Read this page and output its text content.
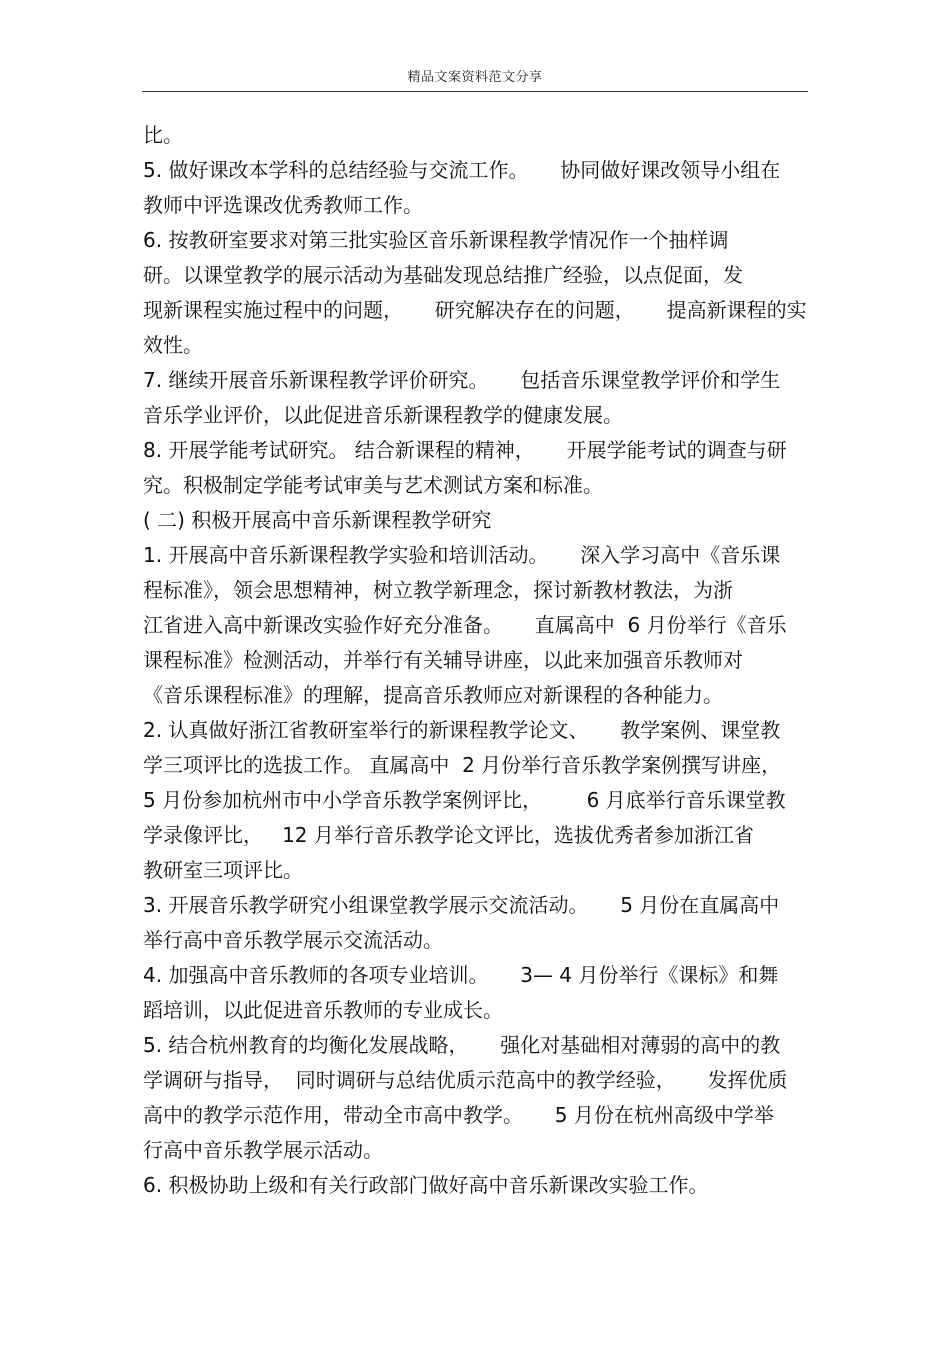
精品文案资料范文分享
比。
5. 做好课改本学科的总结经验与交流工作。     协同做好课改领导小组在
教师中评选课改优秀教师工作。
6. 按教研室要求对第三批实验区音乐新课程教学情况作一个抽样调
研。以课堂教学的展示活动为基础发现总结推广经验，以点促面，发
现新课程实施过程中的问题，     研究解决存在的问题，     提高新课程的实
效性。
7. 继续开展音乐新课程教学评价研究。     包括音乐课堂教学评价和学生
音乐学业评价，以此促进音乐新课程教学的健康发展。
8. 开展学能考试研究。 结合新课程的精神，     开展学能考试的调查与研
究。积极制定学能考试审美与艺术测试方案和标准。
( 二) 积极开展高中音乐新课程教学研究
1. 开展高中音乐新课程教学实验和培训活动。     深入学习高中《音乐课
程标准》，领会思想精神，树立教学新理念，探讨新教材教法，为浙
江省进入高中新课改实验作好充分准备。     直属高中  6 月份举行《音乐
课程标准》检测活动，并举行有关辅导讲座，以此来加强音乐教师对
《音乐课程标准》的理解，提高音乐教师应对新课程的各种能力。
2. 认真做好浙江省教研室举行的新课程教学论文、     教学案例、课堂教
学三项评比的选拔工作。 直属高中  2 月份举行音乐教学案例撰写讲座，
5 月份参加杭州市中小学音乐教学案例评比，       6 月底举行音乐课堂教
学录像评比，   12 月举行音乐教学论文评比，选拔优秀者参加浙江省
教研室三项评比。
3. 开展音乐教学研究小组课堂教学展示交流活动。     5 月份在直属高中
举行高中音乐教学展示交流活动。
4. 加强高中音乐教师的各项专业培训。     3— 4 月份举行《课标》和舞
蹈培训，以此促进音乐教师的专业成长。
5. 结合杭州教育的均衡化发展战略，     强化对基础相对薄弱的高中的教
学调研与指导，  同时调研与总结优质示范高中的教学经验，     发挥优质
高中的教学示范作用，带动全市高中教学。     5 月份在杭州高级中学举
行高中音乐教学展示活动。
6. 积极协助上级和有关行政部门做好高中音乐新课改实验工作。
